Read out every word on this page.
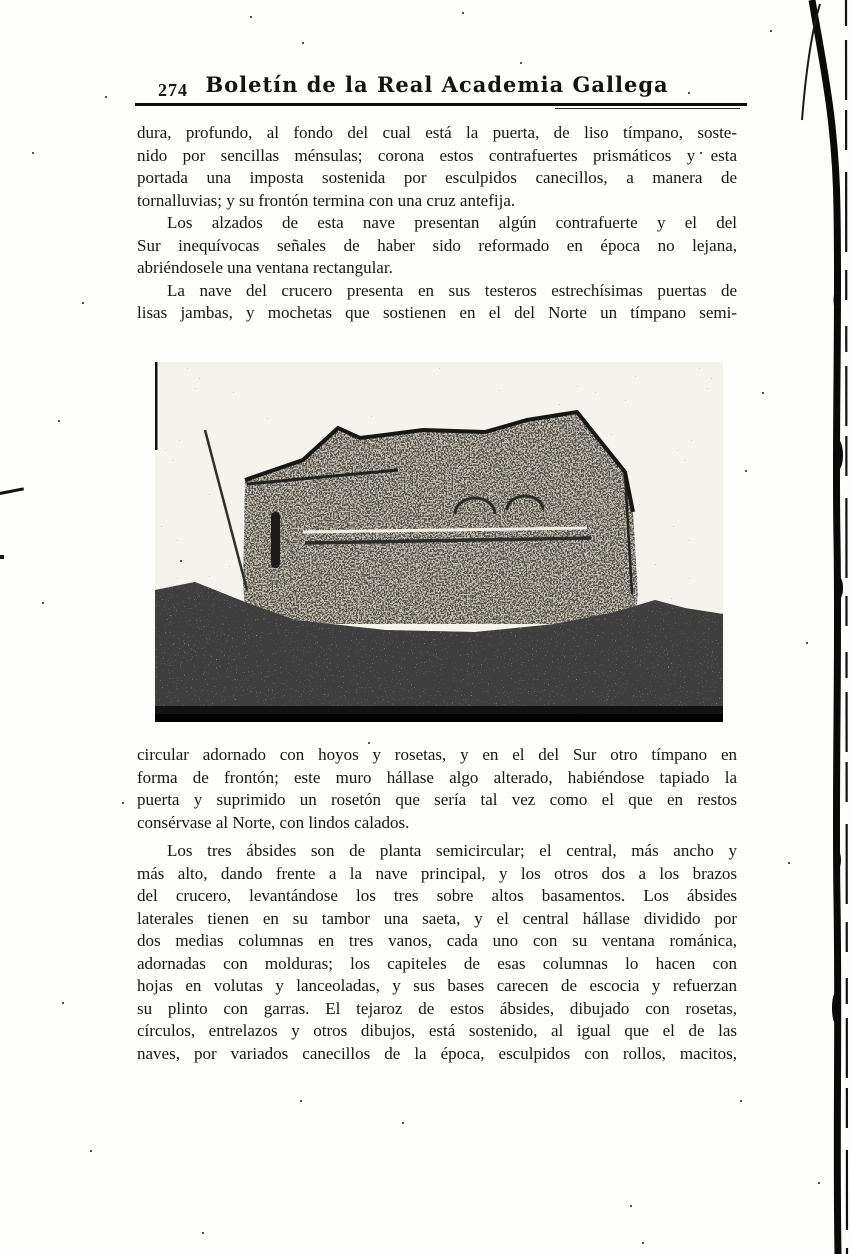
274 Boletín de la Real Academia Gallega
dura, profundo, al fondo del cual está la puerta, de liso tímpano, soste-
nido por sencillas ménsulas; corona estos contrafuertes prismáticos y esta
portada una imposta sostenida por esculpidos canecillos, a manera de
tornalluvias; y su frontón termina con una cruz antefija.
Los alzados de esta nave presentan algún contrafuerte y el del
Sur inequívocas señales de haber sido reformado en época no lejana,
abriéndosele una ventana rectangular.
La nave del crucero presenta en sus testeros estrechísimas puertas de
lisas jambas, y mochetas que sostienen en el del Norte un tímpano semi-
circular adornado con hoyos y rosetas, y en el del Sur otro tímpano en
forma de frontón; este muro hállase algo alterado, habiéndose tapiado la
puerta y suprimido un rosetón que sería tal vez como el que en restos
consérvase al Norte, con lindos calados.
Los tres ábsides son de planta semicircular; el central, más ancho y
más alto, dando frente a la nave principal, y los otros dos a los brazos
del crucero, levantándose los tres sobre altos basamentos. Los ábsides
laterales tienen en su tambor una saeta, y el central hállase dividido por
dos medias columnas en tres vanos, cada uno con su ventana románica,
adornadas con molduras; los capiteles de esas columnas lo hacen con
hojas en volutas y lanceoladas, y sus bases carecen de escocia y refuerzan
su plinto con garras. El tejaroz de estos ábsides, dibujado con rosetas,
círculos, entrelazos y otros dibujos, está sostenido, al igual que el de las
naves, por variados canecillos de la época, esculpidos con rollos, macitos,
